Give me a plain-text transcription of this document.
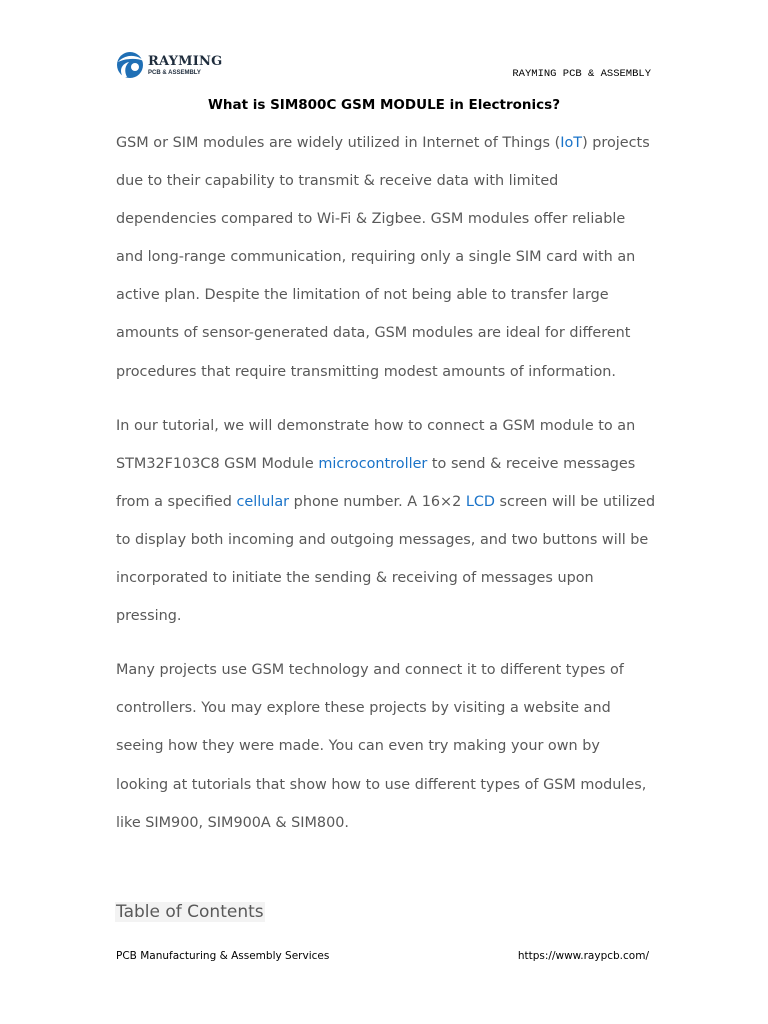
RAYMING
PCB & ASSEMBLY	RAYMING PCB & ASSEMBLY
What is SIM800C GSM MODULE in Electronics?

GSM or SIM modules are widely utilized in Internet of Things (IoT) projects due to their capability to transmit & receive data with limited dependencies compared to Wi-Fi & Zigbee. GSM modules offer reliable and long-range communication, requiring only a single SIM card with an active plan. Despite the limitation of not being able to transfer large amounts of sensor-generated data, GSM modules are ideal for different procedures that require transmitting modest amounts of information.

In our tutorial, we will demonstrate how to connect a GSM module to an STM32F103C8 GSM Module microcontroller to send & receive messages from a specified cellular phone number. A 16×2 LCD screen will be utilized to display both incoming and outgoing messages, and two buttons will be incorporated to initiate the sending & receiving of messages upon pressing.

Many projects use GSM technology and connect it to different types of controllers. You may explore these projects by visiting a website and seeing how they were made. You can even try making your own by looking at tutorials that show how to use different types of GSM modules, like SIM900, SIM900A & SIM800.

Table of Contents
PCB Manufacturing & Assembly Services	https://www.raypcb.com/
